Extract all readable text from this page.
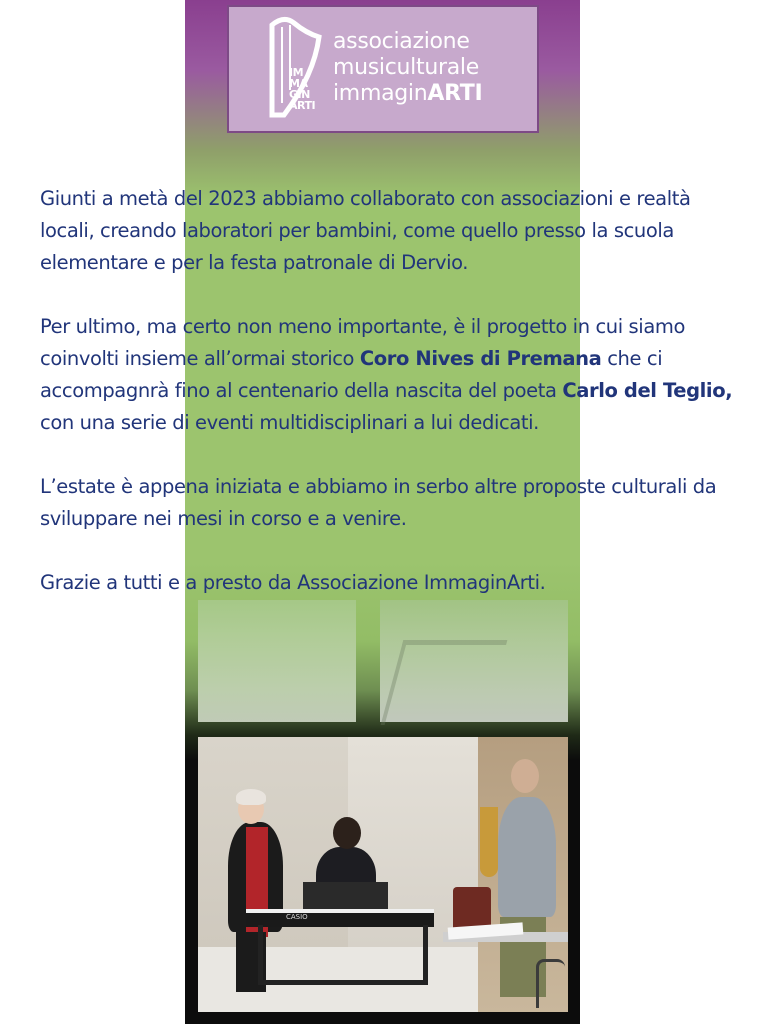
IM
MA
GIN
ARTI
associazione
musiculturale
immaginARTI

Giunti a metà del 2023 abbiamo collaborato con associazioni e realtà locali, creando laboratori per bambini, come quello presso la scuola elementare e per la festa patronale di Dervio.

Per ultimo, ma certo non meno importante, è il progetto in cui siamo coinvolti insieme all’ormai storico Coro Nives di Premana che ci accompagnrà fino al centenario della nascita del poeta Carlo del Teglio, con una serie di eventi multidisciplinari a lui dedicati.

L’estate è appena iniziata e abbiamo in serbo altre proposte culturali da sviluppare nei mesi in corso e a venire.

Grazie a tutti e a presto da Associazione ImmaginArti.

CASIO
